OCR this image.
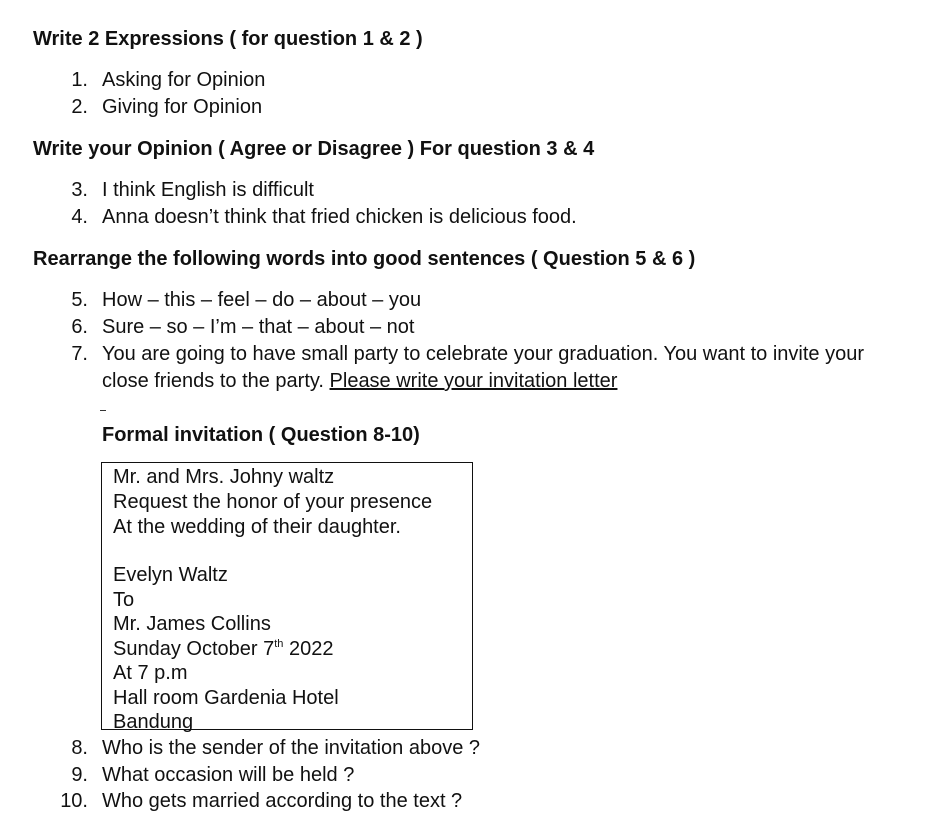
Write 2 Expressions ( for question 1 & 2 )
1. Asking for Opinion
2. Giving for Opinion
Write your Opinion ( Agree or Disagree ) For question 3 & 4
3. I think English is difficult
4. Anna doesn’t think that fried chicken is delicious food.
Rearrange the following words into good sentences ( Question 5 & 6 )
5. How – this – feel – do – about – you
6. Sure – so – I’m – that – about – not
7. You are going to have small party to celebrate your graduation. You want to invite your
close friends to the party. Please write your invitation letter
Formal invitation ( Question 8-10)
Mr. and Mrs. Johny waltz
Request the honor of your presence
At the wedding of their daughter.
Evelyn Waltz
To
Mr. James Collins
Sunday October 7th 2022
At 7 p.m
Hall room Gardenia Hotel
Bandung
8. Who is the sender of the invitation above ?
9. What occasion will be held ?
10. Who gets married according to the text ?
